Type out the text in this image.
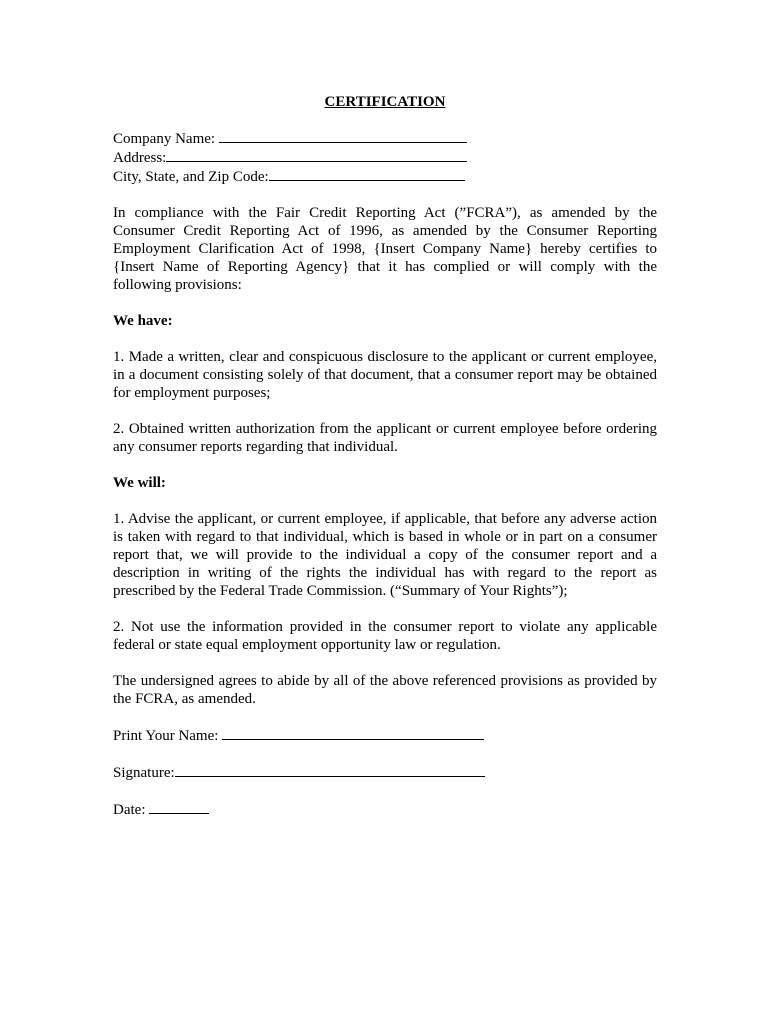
CERTIFICATION
Company Name:
Address:
City, State, and Zip Code:

In compliance with the Fair Credit Reporting Act (”FCRA”), as amended by the Consumer Credit Reporting Act of 1996, as amended by the Consumer Reporting Employment Clarification Act of 1998, {Insert Company Name} hereby certifies to {Insert Name of Reporting Agency} that it has complied or will comply with the following provisions:

We have:

1. Made a written, clear and conspicuous disclosure to the applicant or current employee, in a document consisting solely of that document, that a consumer report may be obtained for employment purposes;

2. Obtained written authorization from the applicant or current employee before ordering any consumer reports regarding that individual.

We will:

1. Advise the applicant, or current employee, if applicable, that before any adverse action is taken with regard to that individual, which is based in whole or in part on a consumer report that, we will provide to the individual a copy of the consumer report and a description in writing of the rights the individual has with regard to the report as prescribed by the Federal Trade Commission. (“Summary of Your Rights”);

2. Not use the information provided in the consumer report to violate any applicable federal or state equal employment opportunity law or regulation.

The undersigned agrees to abide by all of the above referenced provisions as provided by the FCRA, as amended.

Print Your Name:
Signature:
Date:
